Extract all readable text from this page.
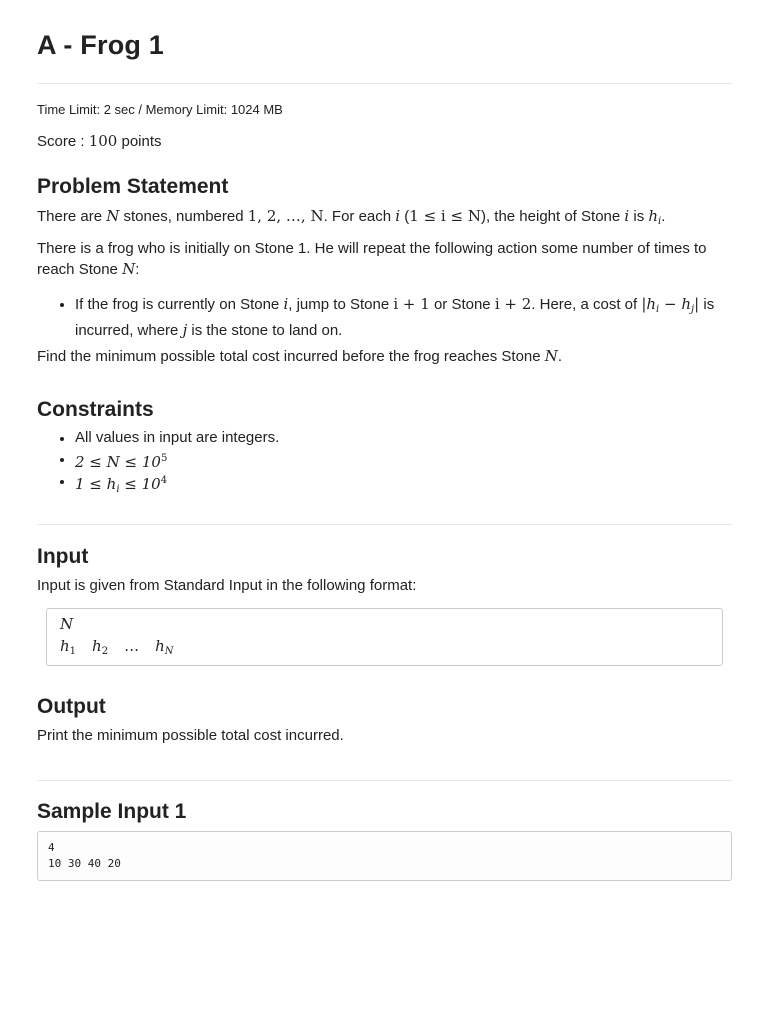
A - Frog 1
Time Limit: 2 sec / Memory Limit: 1024 MB
Score : 100 points
Problem Statement
There are N stones, numbered 1, 2, …, N. For each i (1 ≤ i ≤ N), the height of Stone i is $h_i$.
There is a frog who is initially on Stone 1. He will repeat the following action some number of times to reach Stone N:
If the frog is currently on Stone i, jump to Stone i + 1 or Stone i + 2. Here, a cost of $|h_i - h_j|$ is incurred, where j is the stone to land on.
Find the minimum possible total cost incurred before the frog reaches Stone N.
Constraints
All values in input are integers.
$2 \le N \le 10^5$
$1 \le h_i \le 10^4$
Input
Input is given from Standard Input in the following format:
N
$h_1$ $h_2$ … $h_N$
Output
Print the minimum possible total cost incurred.
Sample Input 1
4
10 30 40 20
